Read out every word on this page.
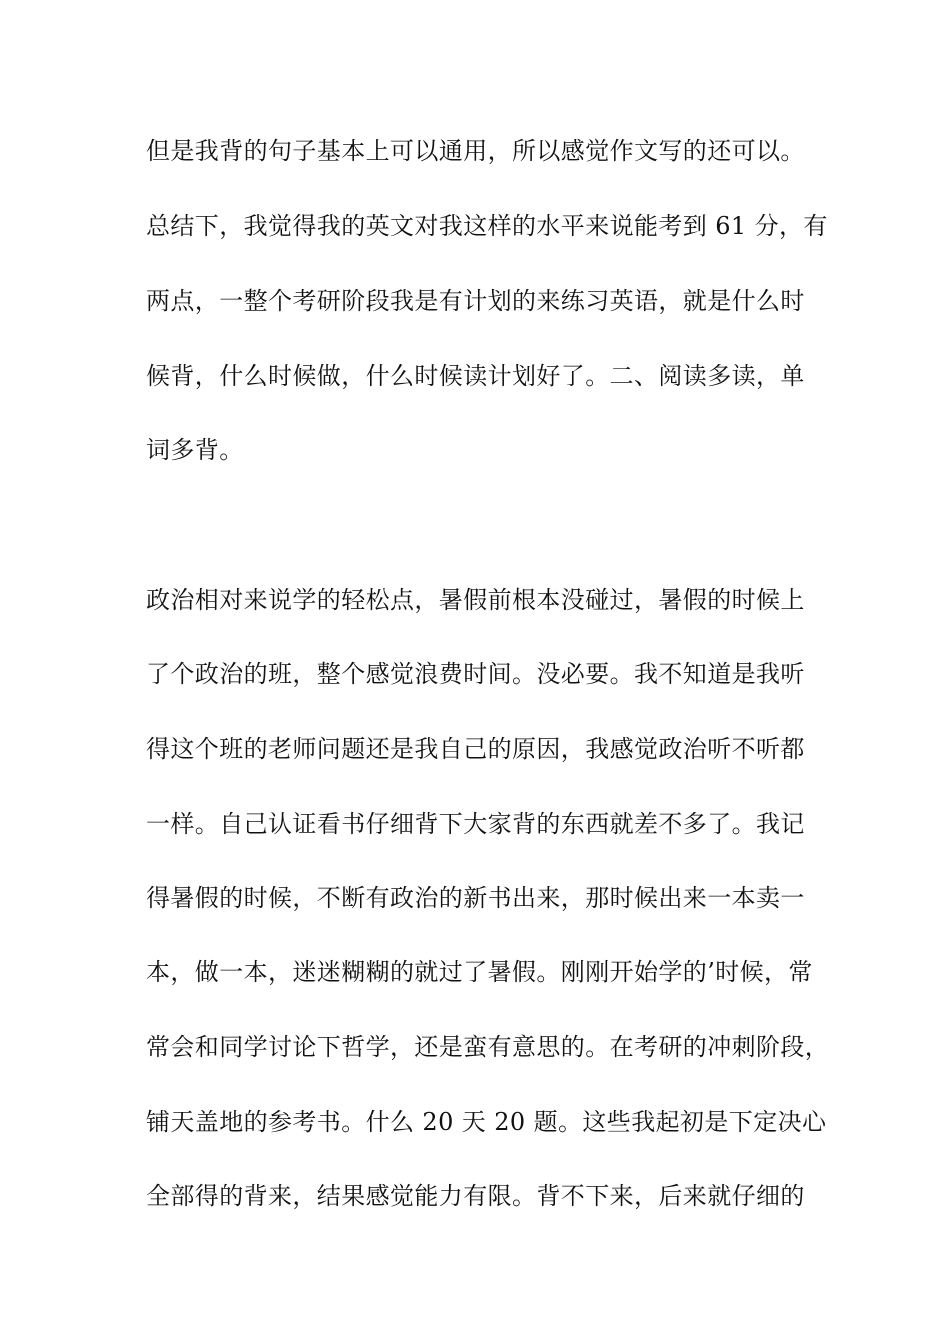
但是我背的句子基本上可以通用，所以感觉作文写的还可以。
总结下，我觉得我的英文对我这样的水平来说能考到 61 分，有
两点，一整个考研阶段我是有计划的来练习英语，就是什么时
候背，什么时候做，什么时候读计划好了。二、阅读多读，单
词多背。
政治相对来说学的轻松点，暑假前根本没碰过，暑假的时候上
了个政治的班，整个感觉浪费时间。没必要。我不知道是我听
得这个班的老师问题还是我自己的原因，我感觉政治听不听都
一样。自己认证看书仔细背下大家背的东西就差不多了。我记
得暑假的时候，不断有政治的新书出来，那时候出来一本卖一
本，做一本，迷迷糊糊的就过了暑假。刚刚开始学的’时候，常
常会和同学讨论下哲学，还是蛮有意思的。在考研的冲刺阶段，
铺天盖地的参考书。什么 20 天 20 题。这些我起初是下定决心
全部得的背来，结果感觉能力有限。背不下来，后来就仔细的
